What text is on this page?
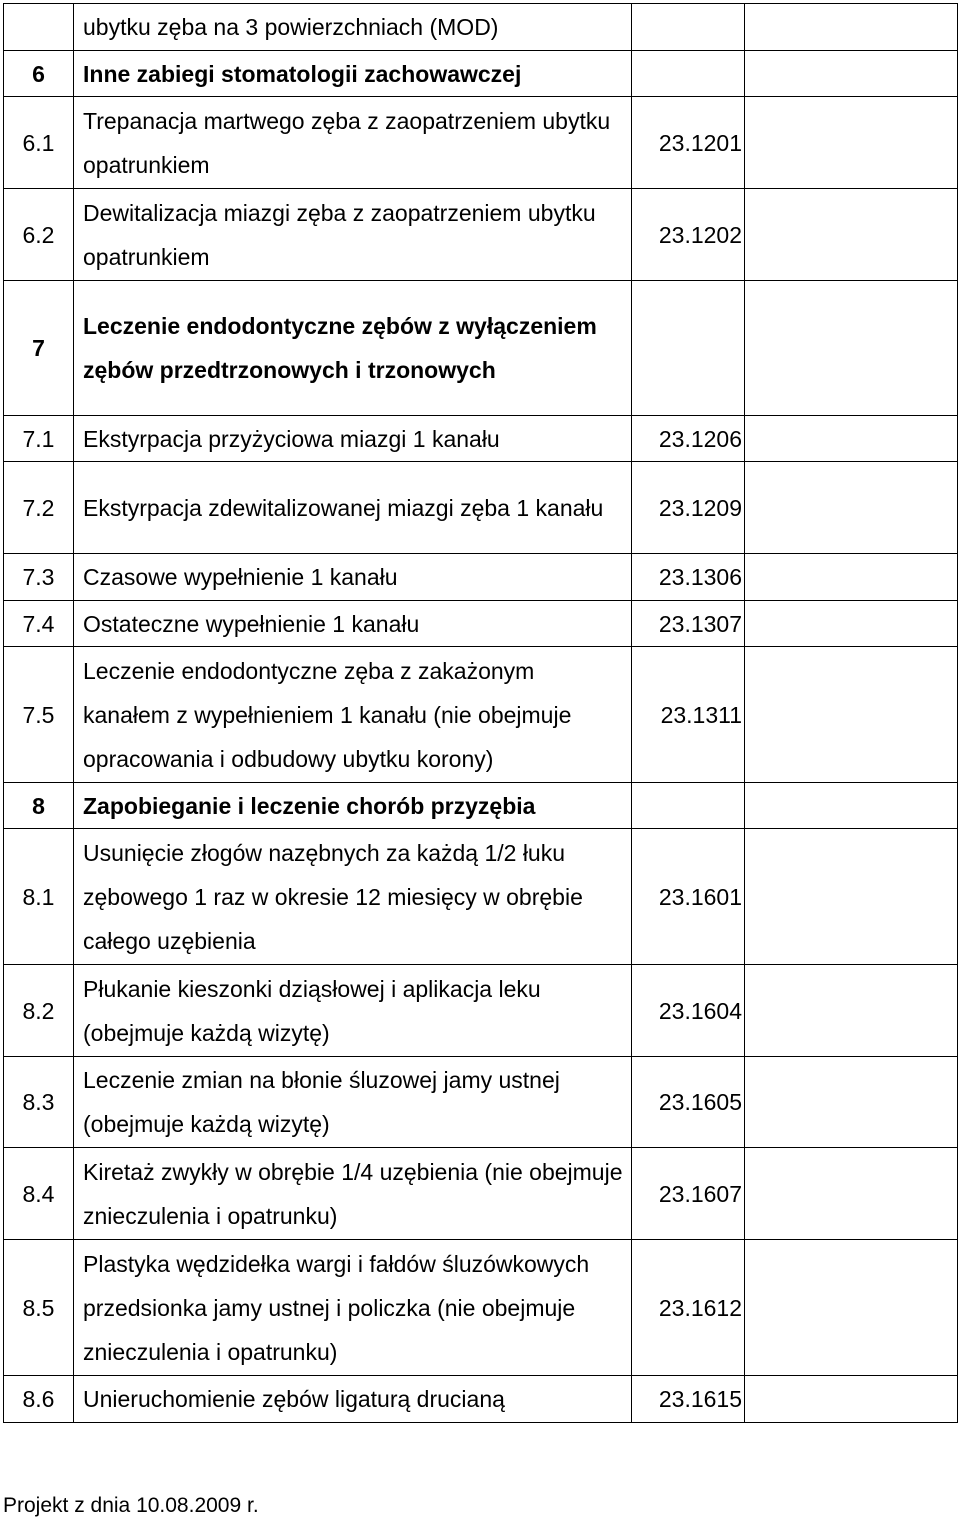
	ubytku zęba na 3 powierzchniach (MOD)		
6	Inne zabiegi stomatologii zachowawczej		
6.1	Trepanacja martwego zęba z zaopatrzeniem ubytku opatrunkiem	23.1201	
6.2	Dewitalizacja miazgi zęba z zaopatrzeniem ubytku opatrunkiem	23.1202	
7	Leczenie endodontyczne zębów z wyłączeniem zębów przedtrzonowych i trzonowych		
7.1	Ekstyrpacja przyżyciowa miazgi 1 kanału	23.1206	
7.2	Ekstyrpacja zdewitalizowanej miazgi zęba 1 kanału	23.1209	
7.3	Czasowe wypełnienie 1 kanału	23.1306	
7.4	Ostateczne wypełnienie 1 kanału	23.1307	
7.5	Leczenie endodontyczne zęba z zakażonym kanałem z wypełnieniem 1 kanału (nie obejmuje opracowania i odbudowy ubytku korony)	23.1311	
8	Zapobieganie i leczenie chorób przyzębia		
8.1	Usunięcie złogów nazębnych za każdą 1/2 łuku zębowego 1 raz w okresie 12 miesięcy w obrębie całego uzębienia	23.1601	
8.2	Płukanie kieszonki dziąsłowej i aplikacja leku (obejmuje każdą wizytę)	23.1604	
8.3	Leczenie zmian na błonie śluzowej jamy ustnej (obejmuje każdą wizytę)	23.1605	
8.4	Kiretaż zwykły w obrębie 1/4 uzębienia (nie obejmuje znieczulenia i opatrunku)	23.1607	
8.5	Plastyka wędzidełka wargi i fałdów śluzówkowych przedsionka jamy ustnej i policzka (nie obejmuje znieczulenia i opatrunku)	23.1612	
8.6	Unieruchomienie zębów ligaturą drucianą	23.1615	
Projekt z dnia 10.08.2009 r.
